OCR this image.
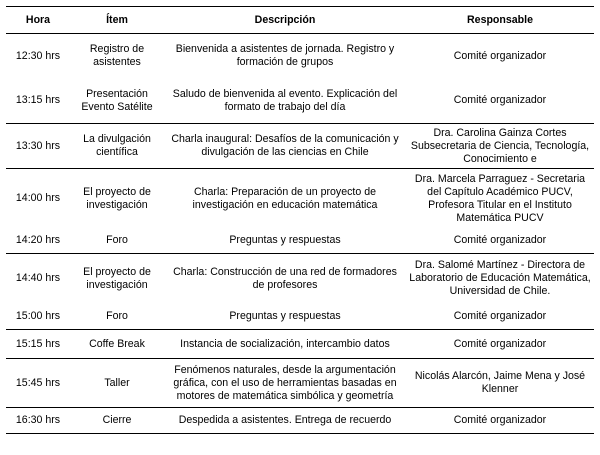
Hora	Ítem	Descripción	Responsable
12:30 hrs	Registro de asistentes	Bienvenida a asistentes de jornada. Registro y formación de grupos	Comité organizador
13:15 hrs	Presentación Evento Satélite	Saludo de bienvenida al evento. Explicación del formato de trabajo del día	Comité organizador
13:30 hrs	La divulgación científica	Charla inaugural: Desafíos de la comunicación y divulgación de las ciencias en Chile	Dra. Carolina Gainza Cortes Subsecretaria de Ciencia, Tecnología, Conocimiento e

14:00 hrs	El proyecto de investigación	Charla: Preparación de un proyecto de investigación en educación matemática	Dra. Marcela Parraguez - Secretaria del Capítulo Académico PUCV, Profesora Titular en el Instituto Matemática PUCV
14:20 hrs	Foro	Preguntas y respuestas	Comité organizador
14:40 hrs	El proyecto de investigación	Charla: Construcción de una red de formadores de profesores	Dra. Salomé Martínez - Directora de Laboratorio de Educación Matemática, Universidad de Chile.
15:00 hrs	Foro	Preguntas y respuestas	Comité organizador
15:15 hrs	Coffe Break	Instancia de socialización, intercambio datos	Comité organizador
15:45 hrs	Taller	Fenómenos naturales, desde la argumentación gráfica, con el uso de herramientas basadas en motores de matemática simbólica y geometría	Nicolás Alarcón, Jaime Mena y José Klenner
16:30 hrs	Cierre	Despedida a asistentes. Entrega de recuerdo	Comité organizador
